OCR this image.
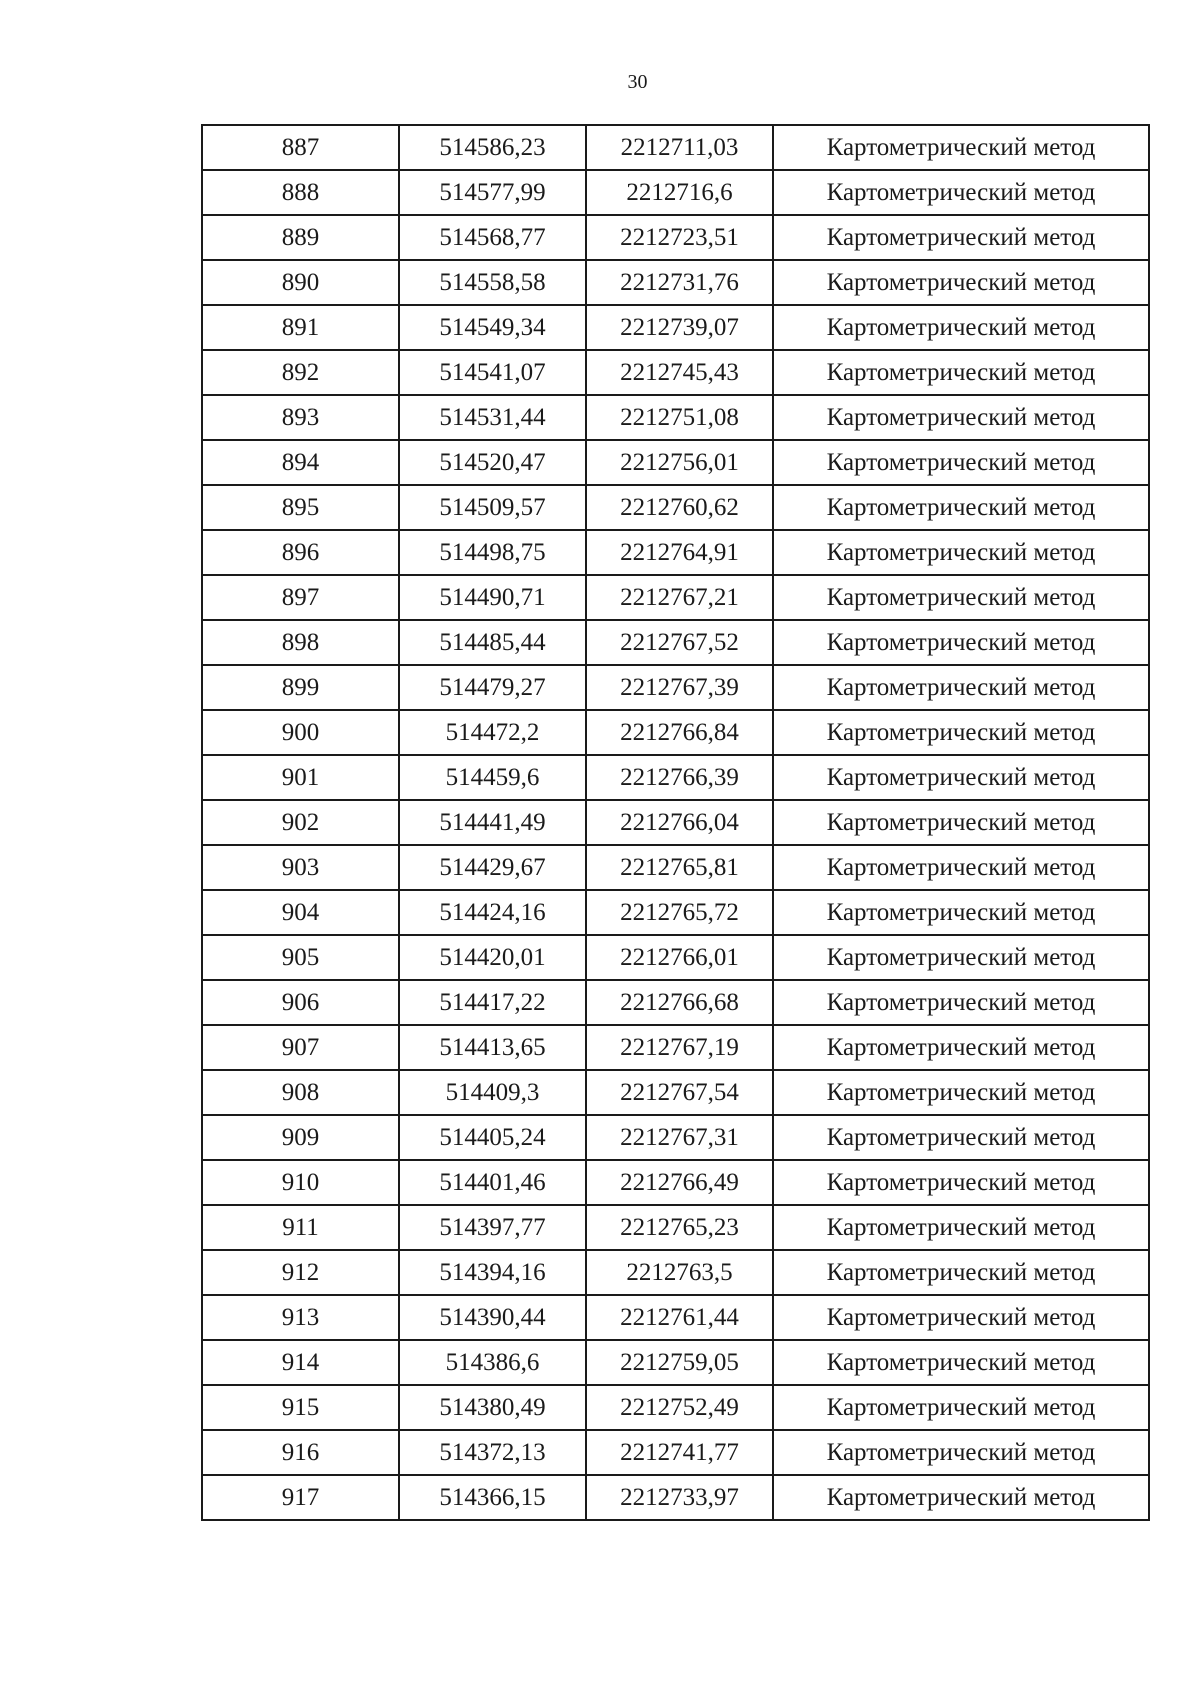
30
887	514586,23	2212711,03	Картометрический метод
888	514577,99	2212716,6	Картометрический метод
889	514568,77	2212723,51	Картометрический метод
890	514558,58	2212731,76	Картометрический метод
891	514549,34	2212739,07	Картометрический метод
892	514541,07	2212745,43	Картометрический метод
893	514531,44	2212751,08	Картометрический метод
894	514520,47	2212756,01	Картометрический метод
895	514509,57	2212760,62	Картометрический метод
896	514498,75	2212764,91	Картометрический метод
897	514490,71	2212767,21	Картометрический метод
898	514485,44	2212767,52	Картометрический метод
899	514479,27	2212767,39	Картометрический метод
900	514472,2	2212766,84	Картометрический метод
901	514459,6	2212766,39	Картометрический метод
902	514441,49	2212766,04	Картометрический метод
903	514429,67	2212765,81	Картометрический метод
904	514424,16	2212765,72	Картометрический метод
905	514420,01	2212766,01	Картометрический метод
906	514417,22	2212766,68	Картометрический метод
907	514413,65	2212767,19	Картометрический метод
908	514409,3	2212767,54	Картометрический метод
909	514405,24	2212767,31	Картометрический метод
910	514401,46	2212766,49	Картометрический метод
911	514397,77	2212765,23	Картометрический метод
912	514394,16	2212763,5	Картометрический метод
913	514390,44	2212761,44	Картометрический метод
914	514386,6	2212759,05	Картометрический метод
915	514380,49	2212752,49	Картометрический метод
916	514372,13	2212741,77	Картометрический метод
917	514366,15	2212733,97	Картометрический метод
